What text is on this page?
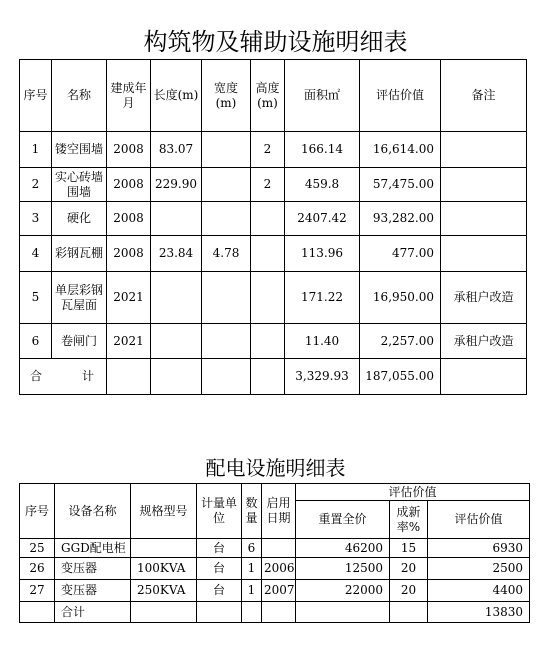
构筑物及辅助设施明细表
序号	名称	建成年月	长度(m)	宽度(m)	高度(m)	面积㎡	评估价值	备注
1	镂空围墙	2008	83.07		2	166.14	16,614.00	
2	实心砖墙围墙	2008	229.90		2	459.8	57,475.00	
3	硬化	2008				2407.42	93,282.00	
4	彩钢瓦棚	2008	23.84	4.78		113.96	477.00	
5	单层彩钢瓦屋面	2021				171.22	16,950.00	承租户改造
6	卷闸门	2021				11.40	2,257.00	承租户改造
合 计						3,329.93	187,055.00	
配电设施明细表
序号	设备名称	规格型号	计量单位	数量	启用日期	评估价值		
						重置全价	成新率%	评估价值
25	GGD配电柜		台	6		46200	15	6930
26	变压器	100KVA	台	1	2006	12500	20	2500
27	变压器	250KVA	台	1	2007	22000	20	4400
	合计							13830
